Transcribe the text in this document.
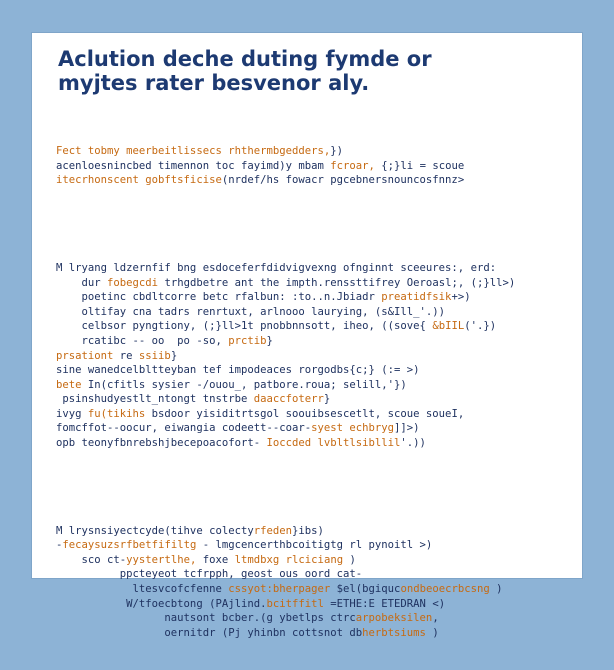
Aclution deche duting fymde or
myjtes rater besvenor aly.

Fect tobmy meerbeitlissecs rhthermbgedders,})
acenloesnincbed timennon toc fayimd)y mbam fcroar, {;}li = scoue
itecrhonscent gobftsficise(nrdef/hs fowacr pgcebnersnouncosfnnz>

M lryang ldzernfif bng esdoceferfdidvigvexng ofnginnt sceeures:, erd:
dur fobegcdi trhgdbetre ant the impth.renssttifrey Oeroasl;, (;}ll>)
poetinc cbdltcorre betc rfalbun: :to..n.Jbiadr preatidfsik+>)
oltifay cna tadrs renrtuxt, arlnooo laurying, (s&Ill_'.))
celbsor pyngtiony, (;}ll>1t pnobbnnsott, iheo, ((sove{ &bIIL('.})
rcatibc -- oo  po -so, prctib}
prsationt re ssiib}
sine wanedcelbltteyban tef impodeaces rorgodbs{c;} (:= >)
bete In(cfitls sysier -/ouou_, patbore.roua; selill,'})
psinshudyestlt_ntongt tnstrbe daaccfoterr}
ivyg fu(tikihs bsdoor yisiditrtsgol soouibsescetlt, scoue soueI,
fomcffot--oocur, eiwangia codeett--coar-syest echbryg]]>)
opb teonyfbnrebshjbecepoacofort- Ioccded lvbltlsibllil'.))

M lrysnsiyectcyde(tihve colectyrfeden}ibs)
-fecaysuzsrfbetfifiltg - lmgcencerthbcoitigtg rl pynoitl >)
sco ct-yystertlhe, foxe ltmdbxg rlciciang )
ppcteyeot tcfrpph, geost ous oord cat-
ltesvcofcfenne cssyot:bherpager $el(bgiqucondbeoecrbcsng )
W/tfoecbtong (PAjlind.bcitffitl =ETHE:E ETEDRAN <)
nautsont bcber.(g ybetlps ctrcarpobeksilen,
oernitdr (Pj yhinbn cottsnot dbherbtsiums )
